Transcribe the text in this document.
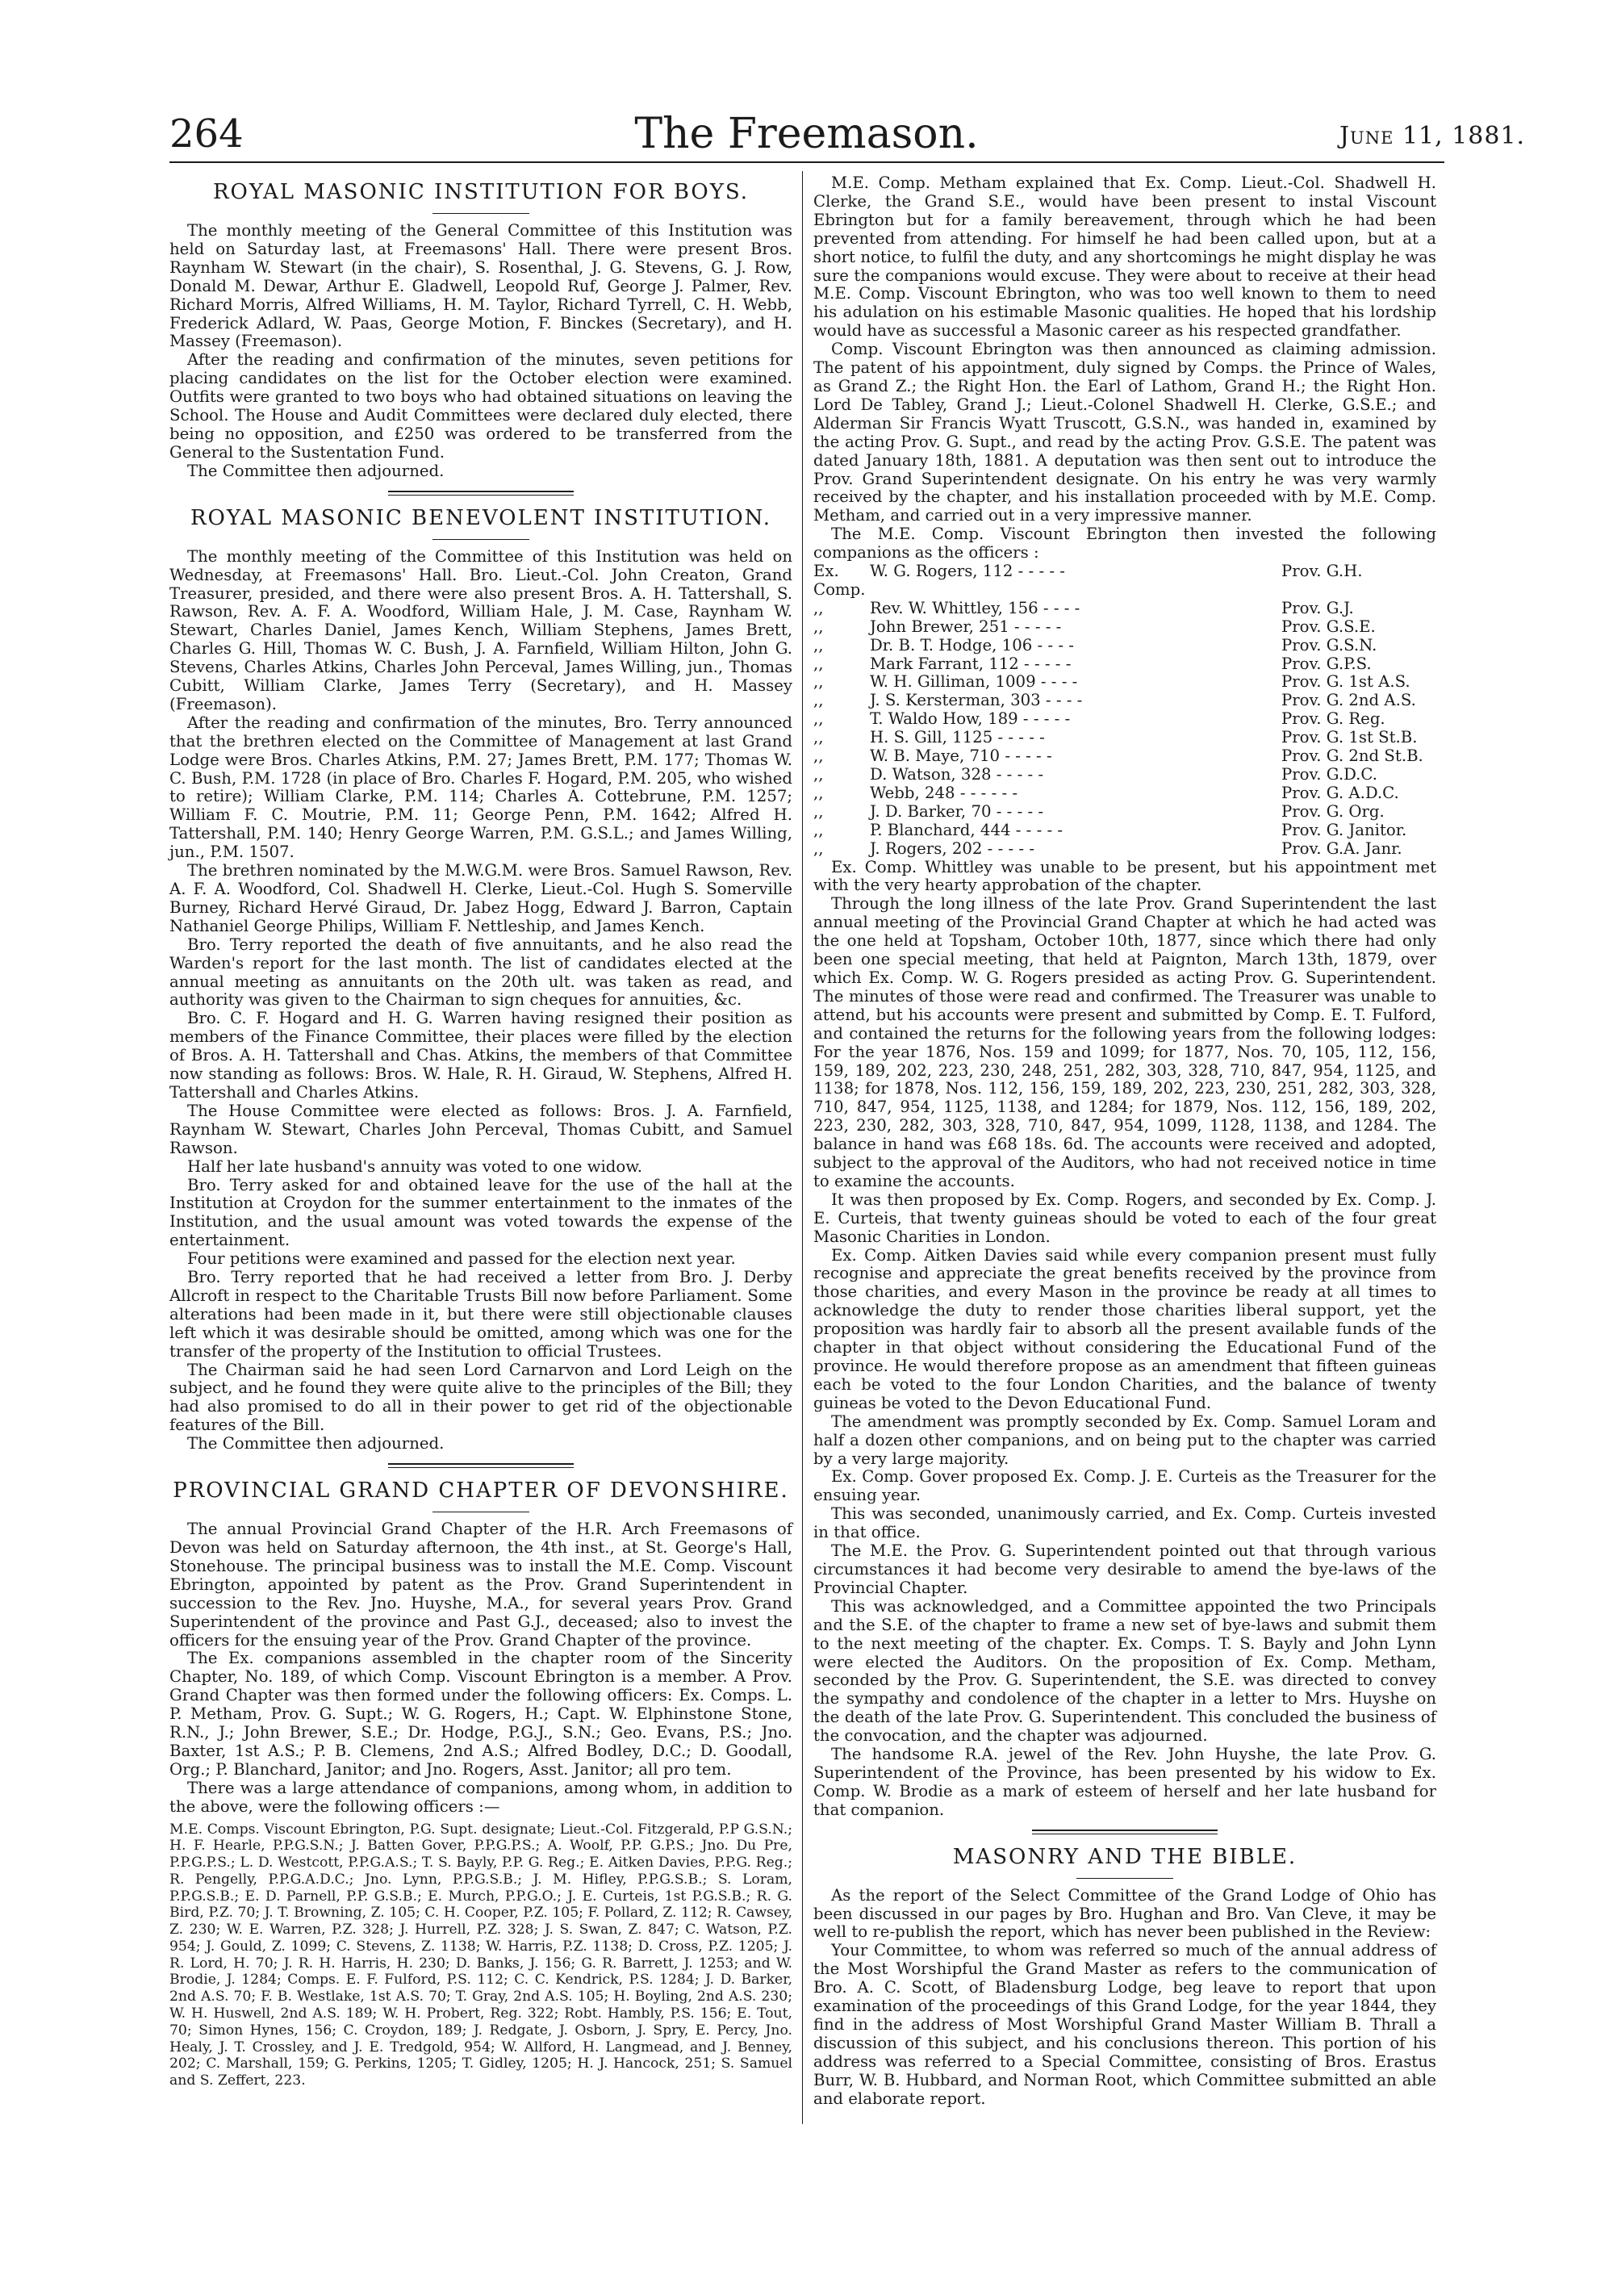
264	The Freemason.	June 11, 1881.
ROYAL MASONIC INSTITUTION FOR BOYS.

The monthly meeting of the General Committee of this Institution was held on Saturday last, at Freemasons' Hall. There were present Bros. Raynham W. Stewart (in the chair), S. Rosenthal, J. G. Stevens, G. J. Row, Donald M. Dewar, Arthur E. Gladwell, Leopold Ruf, George J. Palmer, Rev. Richard Morris, Alfred Williams, H. M. Taylor, Richard Tyrrell, C. H. Webb, Frederick Adlard, W. Paas, George Motion, F. Binckes (Secretary), and H. Massey (Freemason).

After the reading and confirmation of the minutes, seven petitions for placing candidates on the list for the October election were examined. Outfits were granted to two boys who had obtained situations on leaving the School. The House and Audit Committees were declared duly elected, there being no opposition, and £250 was ordered to be transferred from the General to the Sustentation Fund.

The Committee then adjourned.

ROYAL MASONIC BENEVOLENT INSTITUTION.

The monthly meeting of the Committee of this Institution was held on Wednesday, at Freemasons' Hall. Bro. Lieut.-Col. John Creaton, Grand Treasurer, presided, and there were also present Bros. A. H. Tattershall, S. Rawson, Rev. A. F. A. Woodford, William Hale, J. M. Case, Raynham W. Stewart, Charles Daniel, James Kench, William Stephens, James Brett, Charles G. Hill, Thomas W. C. Bush, J. A. Farnfield, William Hilton, John G. Stevens, Charles Atkins, Charles John Perceval, James Willing, jun., Thomas Cubitt, William Clarke, James Terry (Secretary), and H. Massey (Freemason).

After the reading and confirmation of the minutes, Bro. Terry announced that the brethren elected on the Committee of Management at last Grand Lodge were Bros. Charles Atkins, P.M. 27; James Brett, P.M. 177; Thomas W. C. Bush, P.M. 1728 (in place of Bro. Charles F. Hogard, P.M. 205, who wished to retire); William Clarke, P.M. 114; Charles A. Cottebrune, P.M. 1257; William F. C. Moutrie, P.M. 11; George Penn, P.M. 1642; Alfred H. Tattershall, P.M. 140; Henry George Warren, P.M. G.S.L.; and James Willing, jun., P.M. 1507.

The brethren nominated by the M.W.G.M. were Bros. Samuel Rawson, Rev. A. F. A. Woodford, Col. Shadwell H. Clerke, Lieut.-Col. Hugh S. Somerville Burney, Richard Hervé Giraud, Dr. Jabez Hogg, Edward J. Barron, Captain Nathaniel George Philips, William F. Nettleship, and James Kench.

Bro. Terry reported the death of five annuitants, and he also read the Warden's report for the last month. The list of candidates elected at the annual meeting as annuitants on the 20th ult. was taken as read, and authority was given to the Chairman to sign cheques for annuities, &c.

Bro. C. F. Hogard and H. G. Warren having resigned their position as members of the Finance Committee, their places were filled by the election of Bros. A. H. Tattershall and Chas. Atkins, the members of that Committee now standing as follows: Bros. W. Hale, R. H. Giraud, W. Stephens, Alfred H. Tattershall and Charles Atkins.

The House Committee were elected as follows: Bros. J. A. Farnfield, Raynham W. Stewart, Charles John Perceval, Thomas Cubitt, and Samuel Rawson.

Half her late husband's annuity was voted to one widow.

Bro. Terry asked for and obtained leave for the use of the hall at the Institution at Croydon for the summer entertainment to the inmates of the Institution, and the usual amount was voted towards the expense of the entertainment.

Four petitions were examined and passed for the election next year.

Bro. Terry reported that he had received a letter from Bro. J. Derby Allcroft in respect to the Charitable Trusts Bill now before Parliament. Some alterations had been made in it, but there were still objectionable clauses left which it was desirable should be omitted, among which was one for the transfer of the property of the Institution to official Trustees.

The Chairman said he had seen Lord Carnarvon and Lord Leigh on the subject, and he found they were quite alive to the principles of the Bill; they had also promised to do all in their power to get rid of the objectionable features of the Bill.

The Committee then adjourned.

PROVINCIAL GRAND CHAPTER OF DEVONSHIRE.

The annual Provincial Grand Chapter of the H.R. Arch Freemasons of Devon was held on Saturday afternoon, the 4th inst., at St. George's Hall, Stonehouse. The principal business was to install the M.E. Comp. Viscount Ebrington, appointed by patent as the Prov. Grand Superintendent in succession to the Rev. Jno. Huyshe, M.A., for several years Prov. Grand Superintendent of the province and Past G.J., deceased; also to invest the officers for the ensuing year of the Prov. Grand Chapter of the province.

The Ex. companions assembled in the chapter room of the Sincerity Chapter, No. 189, of which Comp. Viscount Ebrington is a member. A Prov. Grand Chapter was then formed under the following officers: Ex. Comps. L. P. Metham, Prov. G. Supt.; W. G. Rogers, H.; Capt. W. Elphinstone Stone, R.N., J.; John Brewer, S.E.; Dr. Hodge, P.G.J., S.N.; Geo. Evans, P.S.; Jno. Baxter, 1st A.S.; P. B. Clemens, 2nd A.S.; Alfred Bodley, D.C.; D. Goodall, Org.; P. Blanchard, Janitor; and Jno. Rogers, Asst. Janitor; all pro tem.

There was a large attendance of companions, among whom, in addition to the above, were the following officers :—

M.E. Comps. Viscount Ebrington, P.G. Supt. designate; Lieut.-Col. Fitzgerald, P.P G.S.N.; H. F. Hearle, P.P.G.S.N.; J. Batten Gover, P.P.G.P.S.; A. Woolf, P.P. G.P.S.; Jno. Du Pre, P.P.G.P.S.; L. D. Westcott, P.P.G.A.S.; T. S. Bayly, P.P. G. Reg.; E. Aitken Davies, P.P.G. Reg.; R. Pengelly, P.P.G.A.D.C.; Jno. Lynn, P.P.G.S.B.; J. M. Hifley, P.P.G.S.B.; S. Loram, P.P.G.S.B.; E. D. Parnell, P.P. G.S.B.; E. Murch, P.P.G.O.; J. E. Curteis, 1st P.G.S.B.; R. G. Bird, P.Z. 70; J. T. Browning, Z. 105; C. H. Cooper, P.Z. 105; F. Pollard, Z. 112; R. Cawsey, Z. 230; W. E. Warren, P.Z. 328; J. Hurrell, P.Z. 328; J. S. Swan, Z. 847; C. Watson, P.Z. 954; J. Gould, Z. 1099; C. Stevens, Z. 1138; W. Harris, P.Z. 1138; D. Cross, P.Z. 1205; J. R. Lord, H. 70; J. R. H. Harris, H. 230; D. Banks, J. 156; G. R. Barrett, J. 1253; and W. Brodie, J. 1284; Comps. E. F. Fulford, P.S. 112; C. C. Kendrick, P.S. 1284; J. D. Barker, 2nd A.S. 70; F. B. Westlake, 1st A.S. 70; T. Gray, 2nd A.S. 105; H. Boyling, 2nd A.S. 230; W. H. Huswell, 2nd A.S. 189; W. H. Probert, Reg. 322; Robt. Hambly, P.S. 156; E. Tout, 70; Simon Hynes, 156; C. Croydon, 189; J. Redgate, J. Osborn, J. Spry, E. Percy, Jno. Healy, J. T. Crossley, and J. E. Tredgold, 954; W. Allford, H. Langmead, and J. Benney, 202; C. Marshall, 159; G. Perkins, 1205; T. Gidley, 1205; H. J. Hancock, 251; S. Samuel and S. Zeffert, 223.

M.E. Comp. Metham explained that Ex. Comp. Lieut.-Col. Shadwell H. Clerke, the Grand S.E., would have been present to instal Viscount Ebrington but for a family bereavement, through which he had been prevented from attending. For himself he had been called upon, but at a short notice, to fulfil the duty, and any shortcomings he might display he was sure the companions would excuse. They were about to receive at their head M.E. Comp. Viscount Ebrington, who was too well known to them to need his adulation on his estimable Masonic qualities. He hoped that his lordship would have as successful a Masonic career as his respected grandfather.

Comp. Viscount Ebrington was then announced as claiming admission. The patent of his appointment, duly signed by Comps. the Prince of Wales, as Grand Z.; the Right Hon. the Earl of Lathom, Grand H.; the Right Hon. Lord De Tabley, Grand J.; Lieut.-Colonel Shadwell H. Clerke, G.S.E.; and Alderman Sir Francis Wyatt Truscott, G.S.N., was handed in, examined by the acting Prov. G. Supt., and read by the acting Prov. G.S.E. The patent was dated January 18th, 1881. A deputation was then sent out to introduce the Prov. Grand Superintendent designate. On his entry he was very warmly received by the chapter, and his installation proceeded with by M.E. Comp. Metham, and carried out in a very impressive manner.

The M.E. Comp. Viscount Ebrington then invested the following companions as the officers :

Ex. Comp.
W. G. Rogers, 112 - - - - -	Prov. G.H.
,,	Rev. W. Whittley, 156 - - - -	Prov. G.J.
,,	John Brewer, 251 - - - - -	Prov. G.S.E.
,,	Dr. B. T. Hodge, 106 - - - -	Prov. G.S.N.
,,	Mark Farrant, 112 - - - - -	Prov. G.P.S.
,,	W. H. Gilliman, 1009 - - - -	Prov. G. 1st A.S.
,,	J. S. Kersterman, 303 - - - -	Prov. G. 2nd A.S.
,,	T. Waldo How, 189 - - - - -	Prov. G. Reg.
,,	H. S. Gill, 1125 - - - - -	Prov. G. 1st St.B.
,,	W. B. Maye, 710 - - - - -	Prov. G. 2nd St.B.
,,	D. Watson, 328 - - - - -	Prov. G.D.C.
,,	Webb, 248 - - - - - -	Prov. G. A.D.C.
,,	J. D. Barker, 70 - - - - -	Prov. G. Org.
,,	P. Blanchard, 444 - - - - -	Prov. G. Janitor.
,,	J. Rogers, 202 - - - - -	Prov. G.A. Janr.

Ex. Comp. Whittley was unable to be present, but his appointment met with the very hearty approbation of the chapter.

Through the long illness of the late Prov. Grand Superintendent the last annual meeting of the Provincial Grand Chapter at which he had acted was the one held at Topsham, October 10th, 1877, since which there had only been one special meeting, that held at Paignton, March 13th, 1879, over which Ex. Comp. W. G. Rogers presided as acting Prov. G. Superintendent. The minutes of those were read and confirmed. The Treasurer was unable to attend, but his accounts were present and submitted by Comp. E. T. Fulford, and contained the returns for the following years from the following lodges: For the year 1876, Nos. 159 and 1099; for 1877, Nos. 70, 105, 112, 156, 159, 189, 202, 223, 230, 248, 251, 282, 303, 328, 710, 847, 954, 1125, and 1138; for 1878, Nos. 112, 156, 159, 189, 202, 223, 230, 251, 282, 303, 328, 710, 847, 954, 1125, 1138, and 1284; for 1879, Nos. 112, 156, 189, 202, 223, 230, 282, 303, 328, 710, 847, 954, 1099, 1128, 1138, and 1284. The balance in hand was £68 18s. 6d. The accounts were received and adopted, subject to the approval of the Auditors, who had not received notice in time to examine the accounts.

It was then proposed by Ex. Comp. Rogers, and seconded by Ex. Comp. J. E. Curteis, that twenty guineas should be voted to each of the four great Masonic Charities in London.

Ex. Comp. Aitken Davies said while every companion present must fully recognise and appreciate the great benefits received by the province from those charities, and every Mason in the province be ready at all times to acknowledge the duty to render those charities liberal support, yet the proposition was hardly fair to absorb all the present available funds of the chapter in that object without considering the Educational Fund of the province. He would therefore propose as an amendment that fifteen guineas each be voted to the four London Charities, and the balance of twenty guineas be voted to the Devon Educational Fund.

The amendment was promptly seconded by Ex. Comp. Samuel Loram and half a dozen other companions, and on being put to the chapter was carried by a very large majority.

Ex. Comp. Gover proposed Ex. Comp. J. E. Curteis as the Treasurer for the ensuing year.

This was seconded, unanimously carried, and Ex. Comp. Curteis invested in that office.

The M.E. the Prov. G. Superintendent pointed out that through various circumstances it had become very desirable to amend the bye-laws of the Provincial Chapter.

This was acknowledged, and a Committee appointed the two Principals and the S.E. of the chapter to frame a new set of bye-laws and submit them to the next meeting of the chapter. Ex. Comps. T. S. Bayly and John Lynn were elected the Auditors. On the proposition of Ex. Comp. Metham, seconded by the Prov. G. Superintendent, the S.E. was directed to convey the sympathy and condolence of the chapter in a letter to Mrs. Huyshe on the death of the late Prov. G. Superintendent. This concluded the business of the convocation, and the chapter was adjourned.

The handsome R.A. jewel of the Rev. John Huyshe, the late Prov. G. Superintendent of the Province, has been presented by his widow to Ex. Comp. W. Brodie as a mark of esteem of herself and her late husband for that companion.

MASONRY AND THE BIBLE.

As the report of the Select Committee of the Grand Lodge of Ohio has been discussed in our pages by Bro. Hughan and Bro. Van Cleve, it may be well to re-publish the report, which has never been published in the Review:

Your Committee, to whom was referred so much of the annual address of the Most Worshipful the Grand Master as refers to the communication of Bro. A. C. Scott, of Bladensburg Lodge, beg leave to report that upon examination of the proceedings of this Grand Lodge, for the year 1844, they find in the address of Most Worshipful Grand Master William B. Thrall a discussion of this subject, and his conclusions thereon. This portion of his address was referred to a Special Committee, consisting of Bros. Erastus Burr, W. B. Hubbard, and Norman Root, which Committee submitted an able and elaborate report.
